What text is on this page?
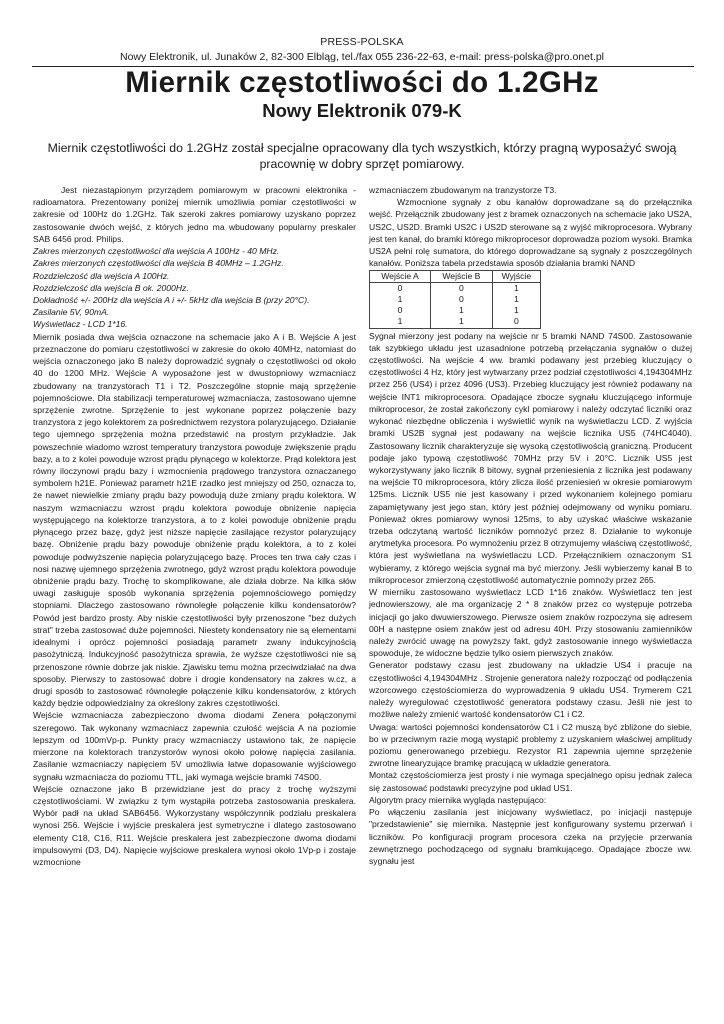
PRESS-POLSKA
Nowy Elektronik, ul. Junaków 2, 82-300 Elbląg, tel./fax 055 236-22-63, e-mail: press-polska@pro.onet.pl
Miernik częstotliwości do 1.2GHz
Nowy Elektronik 079-K
Miernik częstotliwości do 1.2GHz został specjalne opracowany dla tych wszystkich, którzy pragną wyposażyć swoją pracownię w dobry sprzęt pomiarowy.

Jest niezastąpionym przyrządem pomiarowym w pracowni elektronika - radioamatora. Prezentowany poniżej miernik umożliwia pomiar częstotliwości w zakresie od 100Hz do 1.2GHz. Tak szeroki zakres pomiarowy uzyskano poprzez zastosowanie dwóch wejść, z których jedno ma wbudowany popularny preskaler SAB 6456 prod. Philips.

Zakres mierzonych częstotliwości dla wejścia A 100Hz - 40 MHz.

Zakres mierzonych częstotliwości dla wejścia B 40MHz – 1.2GHz.

Rozdzielczość dla wejścia A 100Hz.

Rozdzielczość dla wejścia B ok. 2000Hz.

Dokładność +/- 200Hz dla wejścia A i +/- 5kHz dla wejścia B (przy 20°C).

Zasilanie 5V, 90mA.

Wyświetlacz - LCD 1*16.

Miernik posiada dwa wejścia oznaczone na schemacie jako A i B. Wejście A jest przeznaczone do pomiaru częstotliwości w zakresie do około 40MHz, natomiast do wejścia oznaczonego jako B należy doprowadzić sygnały o częstotliwości od około 40 do 1200 MHz. Wejście A wyposażone jest w dwustopniowy wzmacniacz zbudowany na tranzystorach T1 i T2. Poszczególne stopnie mają sprzężenie pojemnościowe. Dla stabilizacji temperaturowej wzmacniacza, zastosowano ujemne sprzężenie zwrotne. Sprzężenie to jest wykonane poprzez połączenie bazy tranzystora z jego kolektorem za pośrednictwem rezystora polaryzującego. Działanie tego ujemnego sprzężenia można przedstawić na prostym przykładzie. Jak powszechnie wiadomo wzrost temperatury tranzystora powoduje zwiększenie prądu bazy, a to z kolei powoduje wzrost prądu płynącego w kolektorze. Prąd kolektora jest równy iloczynowi prądu bazy i wzmocnienia prądowego tranzystora oznaczanego symbolem h21E. Ponieważ parametr h21E rzadko jest mniejszy od 250, oznacza to, że nawet niewielkie zmiany prądu bazy powodują duże zmiany prądu kolektora. W naszym wzmacniaczu wzrost prądu kolektora powoduje obniżenie napięcia występującego na kolektorze tranzystora, a to z kolei powoduje obniżenie prądu płynącego przez bazę, gdyż jest niższe napięcie zasilające rezystor polaryzujący bazę. Obniżenie prądu bazy powoduje obniżenie prądu kolektora, a to z kolei powoduje podwyższenie napięcia polaryzującego bazę. Proces ten trwa cały czas i nosi nazwę ujemnego sprzężenia zwrotnego, gdyż wzrost prądu kolektora powoduje obniżenie prądu bazy. Trochę to skomplikowane, ale działa dobrze. Na kilka słów uwagi zasługuje sposób wykonania sprzężenia pojemnościowego pomiędzy stopniami. Dlaczego zastosowano równoległe połączenie kilku kondensatorów? Powód jest bardzo prosty. Aby niskie częstotliwości były przenoszone "bez dużych strat" trzeba zastosować duże pojemności. Niestety kondensatory nie są elementami idealnymi i oprócz pojemności posiadają parametr zwany indukcyjnością pasożytniczą. Indukcyjność pasożytnicza sprawia, że wyższe częstotliwości nie są przenoszone równie dobrze jak niskie. Zjawisku temu można przeciwdziałać na dwa sposoby. Pierwszy to zastosować dobre i drogie kondensatory na zakres w.cz, a drugi sposób to zastosować równoległe połączenie kilku kondensatorów, z których każdy będzie odpowiedzialny za określony zakres częstotliwości.

Wejście wzmacniacza zabezpieczono dwoma diodami Zenera połączonymi szeregowo. Tak wykonany wzmacniacz zapewnia czułość wejścia A na poziomie lepszym od 100mVp-p. Punkty pracy wzmacniaczy ustawiono tak, że napięcie mierzone na kolektorach tranzystorów wynosi około połowę napięcia zasilania. Zasilanie wzmacniaczy napięciem 5V umożliwia łatwe dopasowanie wyjściowego sygnału wzmacniacza do poziomu TTL, jaki wymaga wejście bramki 74S00.

Wejście oznaczone jako B przewidziane jest do pracy z trochę wyższymi częstotliwościami. W związku z tym wystąpiła potrzeba zastosowania preskalera. Wybór padł na układ SAB6456. Wykorzystany współczynnik podziału preskalera wynosi 256. Wejście i wyjście preskalera jest symetryczne i dlatego zastosowano elementy C18, C16, R11. Wejście preskalera jest zabezpieczone dwoma diodami impulsowymi (D3, D4). Napięcie wyjściowe preskalera wynosi około 1Vp-p i zostaje wzmocnione

wzmacniaczem zbudowanym na tranzystorze T3.

Wzmocnione sygnały z obu kanałów doprowadzane są do przełącznika wejść. Przełącznik zbudowany jest z bramek oznaczonych na schemacie jako US2A, US2C, US2D. Bramki US2C i US2D sterowane są z wyjść mikroprocesora. Wybrany jest ten kanał, do bramki którego mikroprocesor doprowadza poziom wysoki. Bramka US2A pełni rolę sumatora, do którego doprowadzane są sygnały z poszczególnych kanałów. Poniższa tabela przedstawia sposób działania bramki NAND

Wejście A	Wejście B	Wyjście
0	0	1
1	0	1
0	1	1
1	1	0

Sygnał mierzony jest podany na wejście nr 5 bramki NAND 74S00. Zastosowanie tak szybkiego układu jest uzasadnione potrzebą przełączania sygnałów o dużej częstotliwości. Na wejście 4 ww. bramki podawany jest przebieg kluczujący o częstotliwości 4 Hz, który jest wytwarzany przez podział częstotliwości 4,194304MHz przez 256 (US4) i przez 4096 (US3). Przebieg kluczujący jest również podawany na wejście INT1 mikroprocesora. Opadające zbocze sygnału kluczującego informuje mikroprocesor, że został zakończony cykl pomiarowy i należy odczytać liczniki oraz wykonać niezbędne obliczenia i wyświetlić wynik na wyświetlaczu LCD. Z wyjścia bramki US2B sygnał jest podawany na wejście licznika US5 (74HC4040). Zastosowany licznik charakteryzuje się wysoką częstotliwością graniczną. Producent podaje jako typową częstotliwość 70MHz przy 5V i 20°C. Licznik US5 jest wykorzystywany jako licznik 8 bitowy, sygnał przeniesienia z licznika jest podawany na wejście T0 mikroprocesora, który zlicza ilość przeniesień w okresie pomiarowym 125ms. Licznik US5 nie jest kasowany i przed wykonaniem kolejnego pomiaru zapamiętywany jest jego stan, który jest później odejmowany od wyniku pomiaru. Ponieważ okres pomiarowy wynosi 125ms, to aby uzyskać właściwe wskazanie trzeba odczytaną wartość liczników pomnożyć przez 8. Działanie to wykonuje arytmetyka procesora. Po wymnożeniu przez 8 otrzymujemy właściwą częstotliwość, która jest wyświetlana na wyświetlaczu LCD. Przełącznikiem oznaczonym S1 wybieramy, z którego wejścia sygnał ma być mierzony. Jeśli wybierzemy kanał B to mikroprocesor zmierzoną częstotliwość automatycznie pomnoży przez 265.

W mierniku zastosowano wyświetlacz LCD 1*16 znaków. Wyświetlacz ten jest jednowierszowy, ale ma organizację 2 * 8 znaków przez co występuje potrzeba inicjacji go jako dwuwierszowego. Pierwsze osiem znaków rozpoczyna się adresem 00H a następne osiem znaków jest od adresu 40H. Przy stosowaniu zamienników należy zwrócić uwagę na powyższy fakt, gdyż zastosowanie innego wyświetlacza spowoduje, że widoczne będzie tylko osiem pierwszych znaków.

Generator podstawy czasu jest zbudowany na układzie US4 i pracuje na częstotliwości 4,194304MHz . Strojenie generatora należy rozpocząć od podłączenia wzorcowego częstościomierza do wyprowadzenia 9 układu US4. Trymerem C21 należy wyregulować częstotliwość generatora podstawy czasu. Jeśli nie jest to możliwe należy zmienić wartość kondensatorów C1 i C2.

Uwaga: wartości pojemności kondensatorów C1 i C2 muszą być zbliżone do siebie, bo w przeciwnym razie mogą wystąpić problemy z uzyskaniem właściwej amplitudy poziomu generowanego przebiegu. Rezystor R1 zapewnia ujemne sprzężenie zwrotne linearyzujące bramkę pracującą w układzie generatora.

Montaż częstościomierza jest prosty i nie wymaga specjalnego opisu jednak zaleca się zastosować podstawki precyzyjne pod układ US1.

Algorytm pracy miernika wygląda następująco:

Po włączeniu zasilania jest inicjowany wyświetlacz, po inicjacji następuje "przedstawienie" się miernika. Następnie jest konfigurowany systemu przerwań i liczników. Po konfiguracji program procesora czeka na przyjęcie przerwania zewnętrznego pochodzącego od sygnału bramkującego. Opadające zbocze ww. sygnału jest
